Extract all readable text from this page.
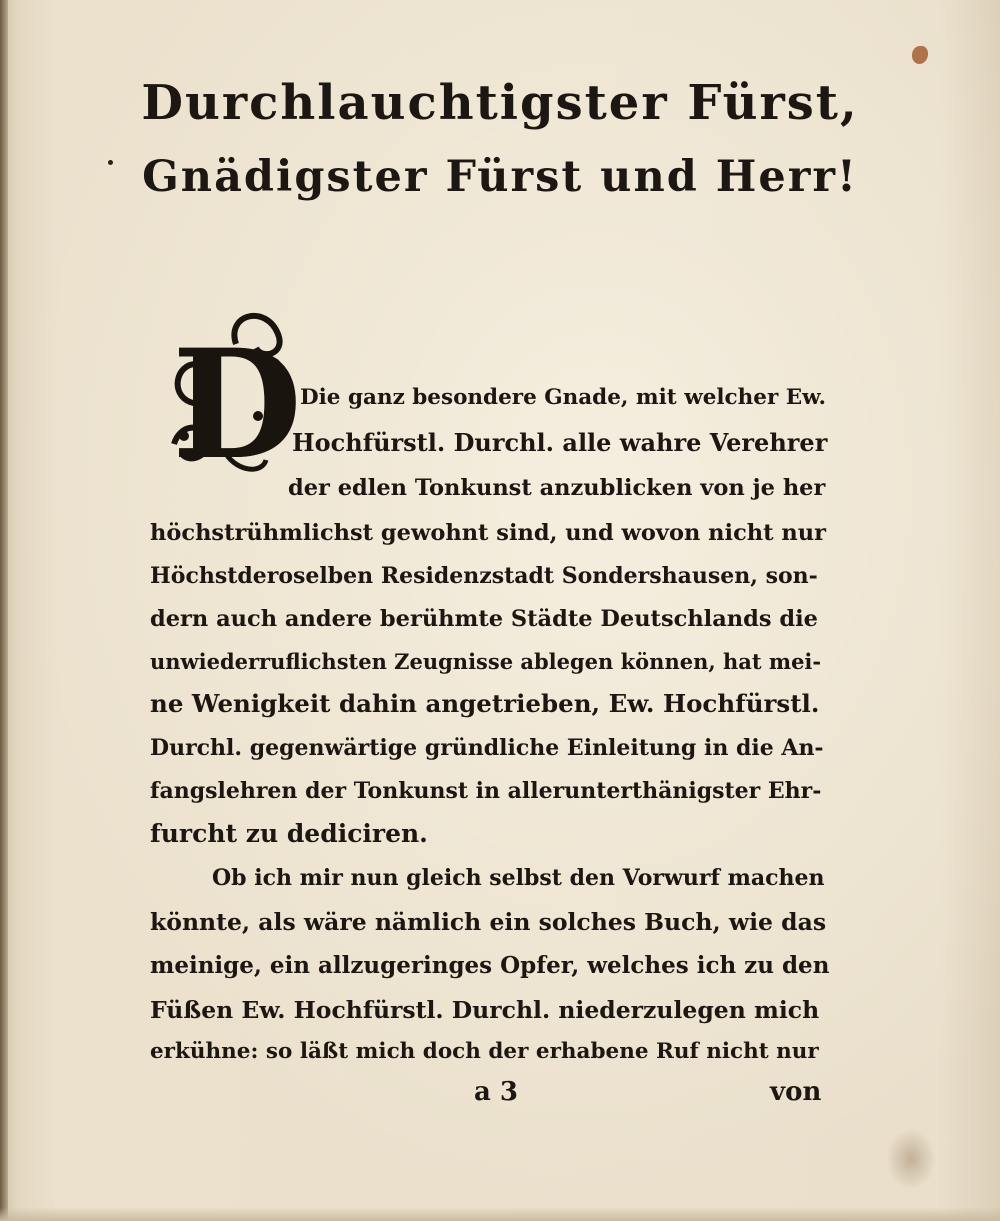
Durchlauchtigster Fürst,
Gnädigster Fürst und Herr!
D
Die ganz besondere Gnade, mit welcher Ew.
Hochfürstl. Durchl. alle wahre Verehrer
der edlen Tonkunst anzublicken von je her
höchstrühmlichst gewohnt sind, und wovon nicht nur
Höchstderoselben Residenzstadt Sondershausen, son-
dern auch andere berühmte Städte Deutschlands die
unwiederruflichsten Zeugnisse ablegen können, hat mei-
ne Wenigkeit dahin angetrieben, Ew. Hochfürstl.
Durchl. gegenwärtige gründliche Einleitung in die An-
fangslehren der Tonkunst in allerunterthänigster Ehr-
furcht zu dediciren.
Ob ich mir nun gleich selbst den Vorwurf machen
könnte, als wäre nämlich ein solches Buch, wie das
meinige, ein allzugeringes Opfer, welches ich zu den
Füßen Ew. Hochfürstl. Durchl. niederzulegen mich
erkühne: so läßt mich doch der erhabene Ruf nicht nur
a 3	von
